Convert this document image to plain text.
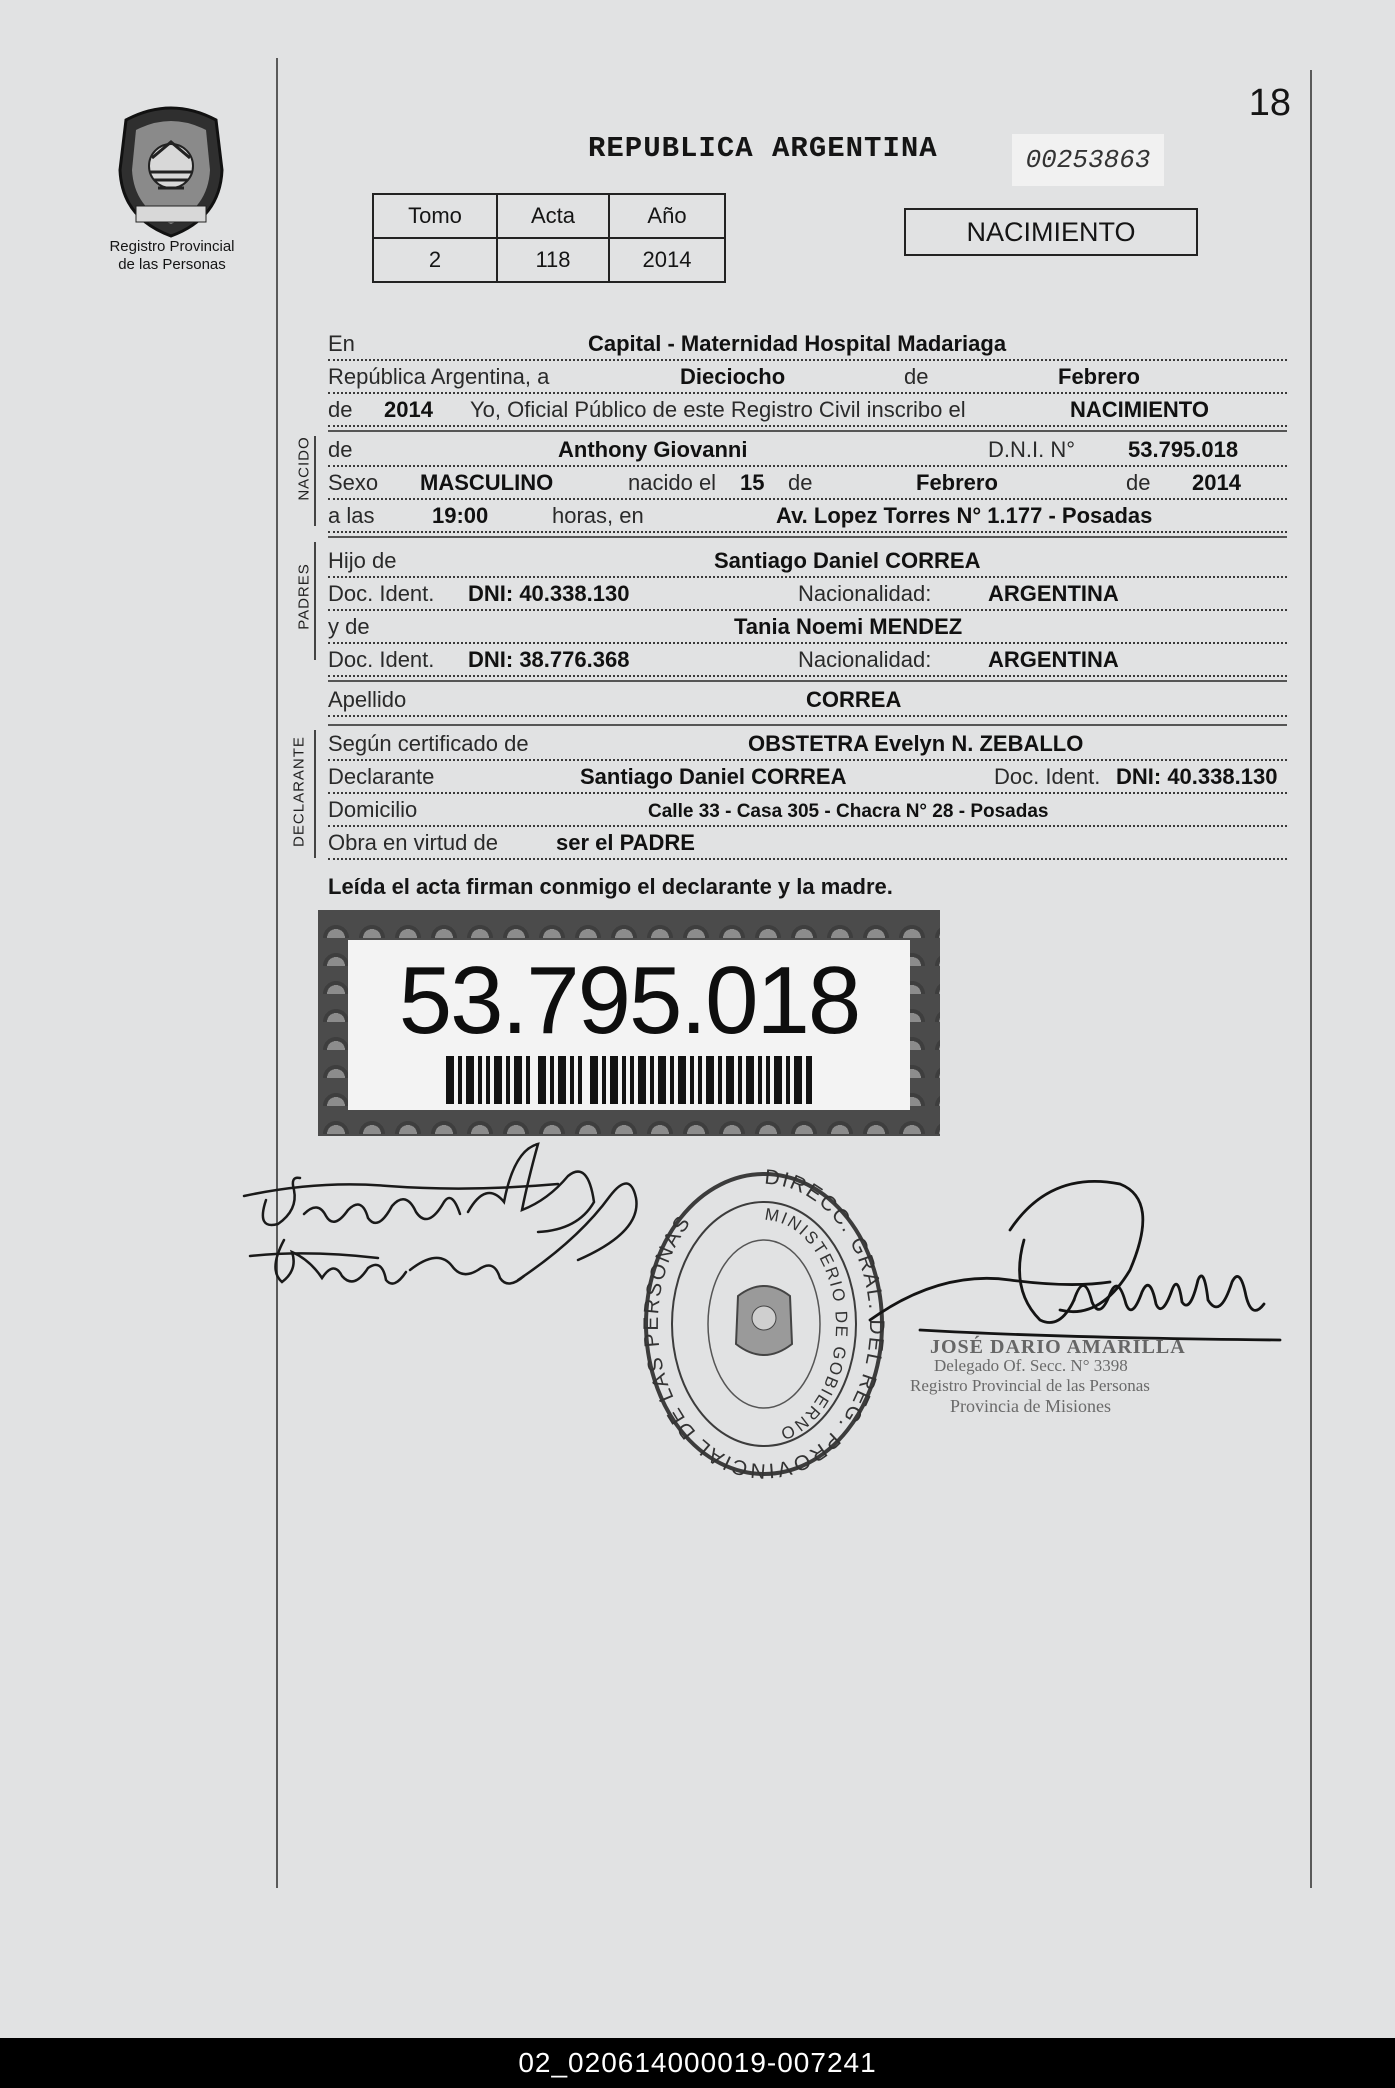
18
Registro Provincial
de las Personas
REPUBLICA ARGENTINA	00253863
NACIMIENTO
Tomo	Acta	Año
2	118	2014
En	Capital - Maternidad Hospital Madariaga
República Argentina, a	Dieciocho	de	Febrero
de 2014 Yo, Oficial Público de este Registro Civil inscribo el	NACIMIENTO
NACIDO de	Anthony Giovanni	D.N.I. N° 53.795.018
Sexo MASCULINO	nacido el 15 de	Febrero	de 2014
a las	19:00	horas, en	Av. Lopez Torres N° 1.177 - Posadas
PADRES
Hijo de	Santiago Daniel CORREA
Doc. Ident. DNI: 40.338.130	Nacionalidad:	ARGENTINA
y de	Tania Noemi MENDEZ
Doc. Ident. DNI: 38.776.368	Nacionalidad:	ARGENTINA
Apellido	CORREA
DECLARANTE Según certificado de	OBSTETRA Evelyn N. ZEBALLO
Declarante	Santiago Daniel CORREA	Doc. Ident. DNI: 40.338.130
Domicilio	Calle 33 - Casa 305 - Chacra N° 28 - Posadas
Obra en virtud de	ser el PADRE
Leída el acta firman conmigo el declarante y la madre.
53.795.018
DIRECC. GRAL. DEL REG. PROVINCIAL DE LAS PERSONAS	MINISTERIO DE GOBIERNO
JOSÉ DARIO AMARILLA
Delegado Of. Secc. N° 3398
Registro Provincial de las Personas
Provincia de Misiones
02_020614000019-007241
